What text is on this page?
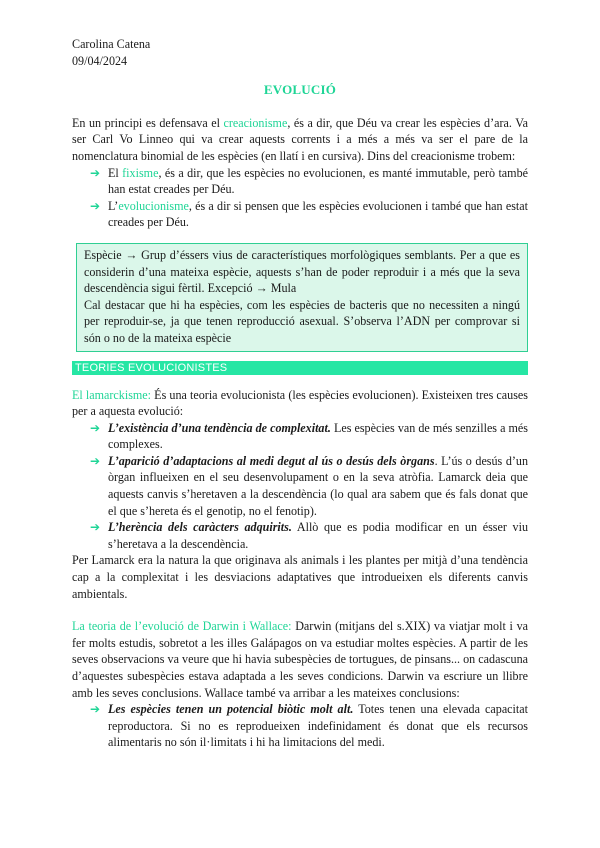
Carolina Catena

09/04/2024

EVOLUCIÓ

En un principi es defensava el creacionisme, és a dir, que Déu va crear les espècies d’ara. Va ser Carl Vo Linneo qui va crear aquests corrents i a més a més va ser el pare de la nomenclatura binomial de les espècies (en llatí i en cursiva). Dins del creacionisme trobem:

➔ El fixisme, és a dir, que les espècies no evolucionen, es manté immutable, però també han estat creades per Déu.
➔ L’evolucionisme, és a dir si pensen que les espècies evolucionen i també que han estat creades per Déu.

Espècie → Grup d’éssers vius de característiques morfològiques semblants. Per a que es considerin d’una mateixa espècie, aquests s’han de poder reproduir i a més que la seva descendència sigui fèrtil. Excepció → Mula

Cal destacar que hi ha espècies, com les espècies de bacteris que no necessiten a ningú per reproduir-se, ja que tenen reproducció asexual. S’observa l’ADN per comprovar si són o no de la mateixa espècie

TEORIES EVOLUCIONISTES

El lamarckisme: És una teoria evolucionista (les espècies evolucionen). Existeixen tres causes per a aquesta evolució:

➔ L’existència d’una tendència de complexitat. Les espècies van de més senzilles a més complexes.
➔ L’aparició d’adaptacions al medi degut al ús o desús dels òrgans. L’ús o desús d’un òrgan influeixen en el seu desenvolupament o en la seva atròfia. Lamarck deia que aquests canvis s’heretaven a la descendència (lo qual ara sabem que és fals donat que el que s’hereta és el genotip, no el fenotip).
➔ L’herència dels caràcters adquirits. Allò que es podia modificar en un ésser viu s’heretava a la descendència.

Per Lamarck era la natura la que originava als animals i les plantes per mitjà d’una tendència cap a la complexitat i les desviacions adaptatives que introdueixen els diferents canvis ambientals.

La teoria de l’evolució de Darwin i Wallace: Darwin (mitjans del s.XIX) va viatjar molt i va fer molts estudis, sobretot a les illes Galápagos on va estudiar moltes espècies. A partir de les seves observacions va veure que hi havia subespècies de tortugues, de pinsans... on cadascuna d’aquestes subespècies estava adaptada a les seves condicions. Darwin va escriure un llibre amb les seves conclusions. Wallace també va arribar a les mateixes conclusions:

➔ Les espècies tenen un potencial biòtic molt alt. Totes tenen una elevada capacitat reproductora. Si no es reprodueixen indefinidament és donat que els recursos alimentaris no són il·limitats i hi ha limitacions del medi.
